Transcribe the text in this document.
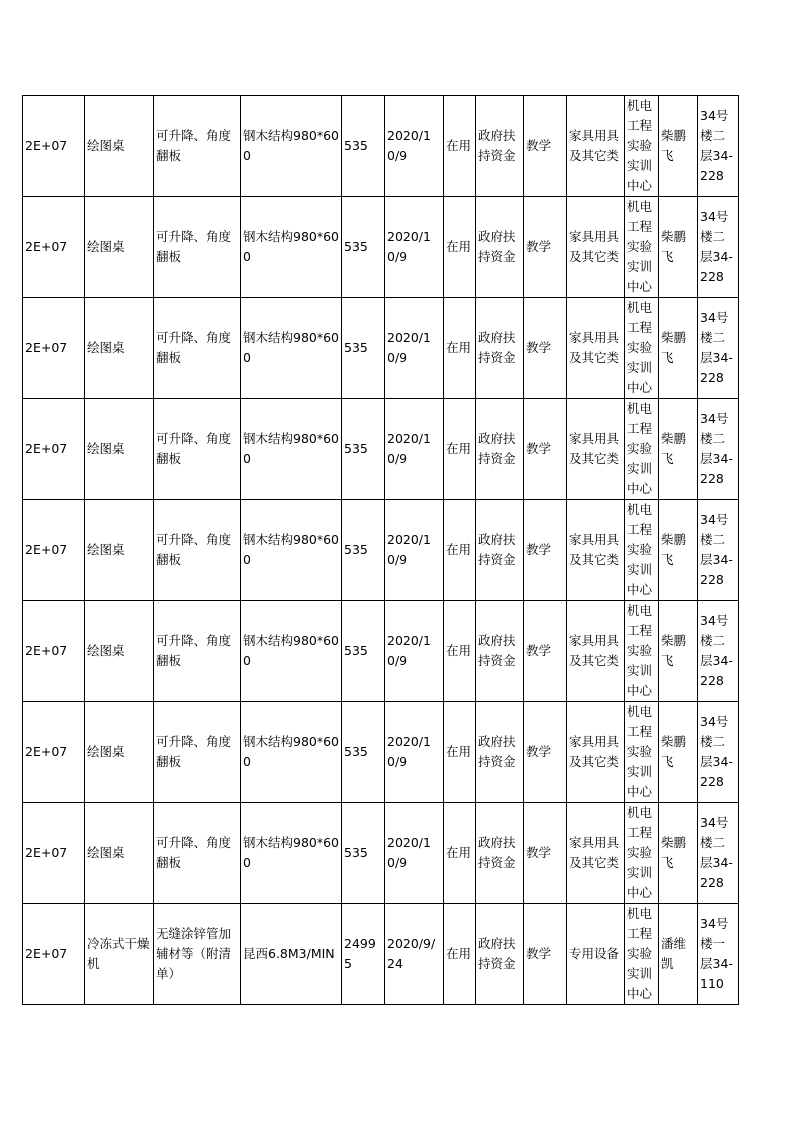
2E+07	绘图桌	可升降、角度翻板	钢木结构980*600	535	2020/10/9	在用	政府扶持资金	教学	家具用具及其它类	机电工程实验实训中心	柴鹏飞	34号楼二层34-228
2E+07	绘图桌	可升降、角度翻板	钢木结构980*600	535	2020/10/9	在用	政府扶持资金	教学	家具用具及其它类	机电工程实验实训中心	柴鹏飞	34号楼二层34-228
2E+07	绘图桌	可升降、角度翻板	钢木结构980*600	535	2020/10/9	在用	政府扶持资金	教学	家具用具及其它类	机电工程实验实训中心	柴鹏飞	34号楼二层34-228
2E+07	绘图桌	可升降、角度翻板	钢木结构980*600	535	2020/10/9	在用	政府扶持资金	教学	家具用具及其它类	机电工程实验实训中心	柴鹏飞	34号楼二层34-228
2E+07	绘图桌	可升降、角度翻板	钢木结构980*600	535	2020/10/9	在用	政府扶持资金	教学	家具用具及其它类	机电工程实验实训中心	柴鹏飞	34号楼二层34-228
2E+07	绘图桌	可升降、角度翻板	钢木结构980*600	535	2020/10/9	在用	政府扶持资金	教学	家具用具及其它类	机电工程实验实训中心	柴鹏飞	34号楼二层34-228
2E+07	绘图桌	可升降、角度翻板	钢木结构980*600	535	2020/10/9	在用	政府扶持资金	教学	家具用具及其它类	机电工程实验实训中心	柴鹏飞	34号楼二层34-228
2E+07	绘图桌	可升降、角度翻板	钢木结构980*600	535	2020/10/9	在用	政府扶持资金	教学	家具用具及其它类	机电工程实验实训中心	柴鹏飞	34号楼二层34-228
2E+07	冷冻式干燥机	无缝涂锌管加辅材等（附清单）	昆西6.8M3/MIN	24995	2020/9/24	在用	政府扶持资金	教学	专用设备	机电工程实验实训中心	潘维凯	34号楼一层34-110
